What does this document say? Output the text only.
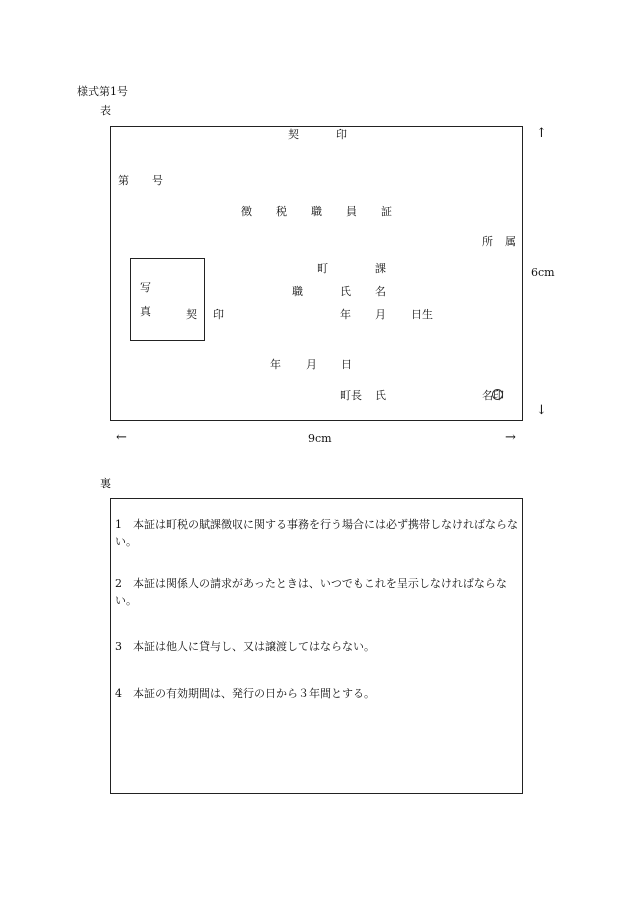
様式第1号
表
契	印
第 号
徴 税 職 員 証
所 属
写
真	契 印
町	課
職	氏 名
年 月 日生
年 月 日
町長 氏	名印
↑
6cm
↓
←	9cm	→
裏
1 本証は町税の賦課徴収に関する事務を行う場合には必ず携帯しなければならない。
2 本証は関係人の請求があったときは、いつでもこれを呈示しなければならない。
3 本証は他人に貸与し、又は譲渡してはならない。
4 本証の有効期間は、発行の日から３年間とする。
